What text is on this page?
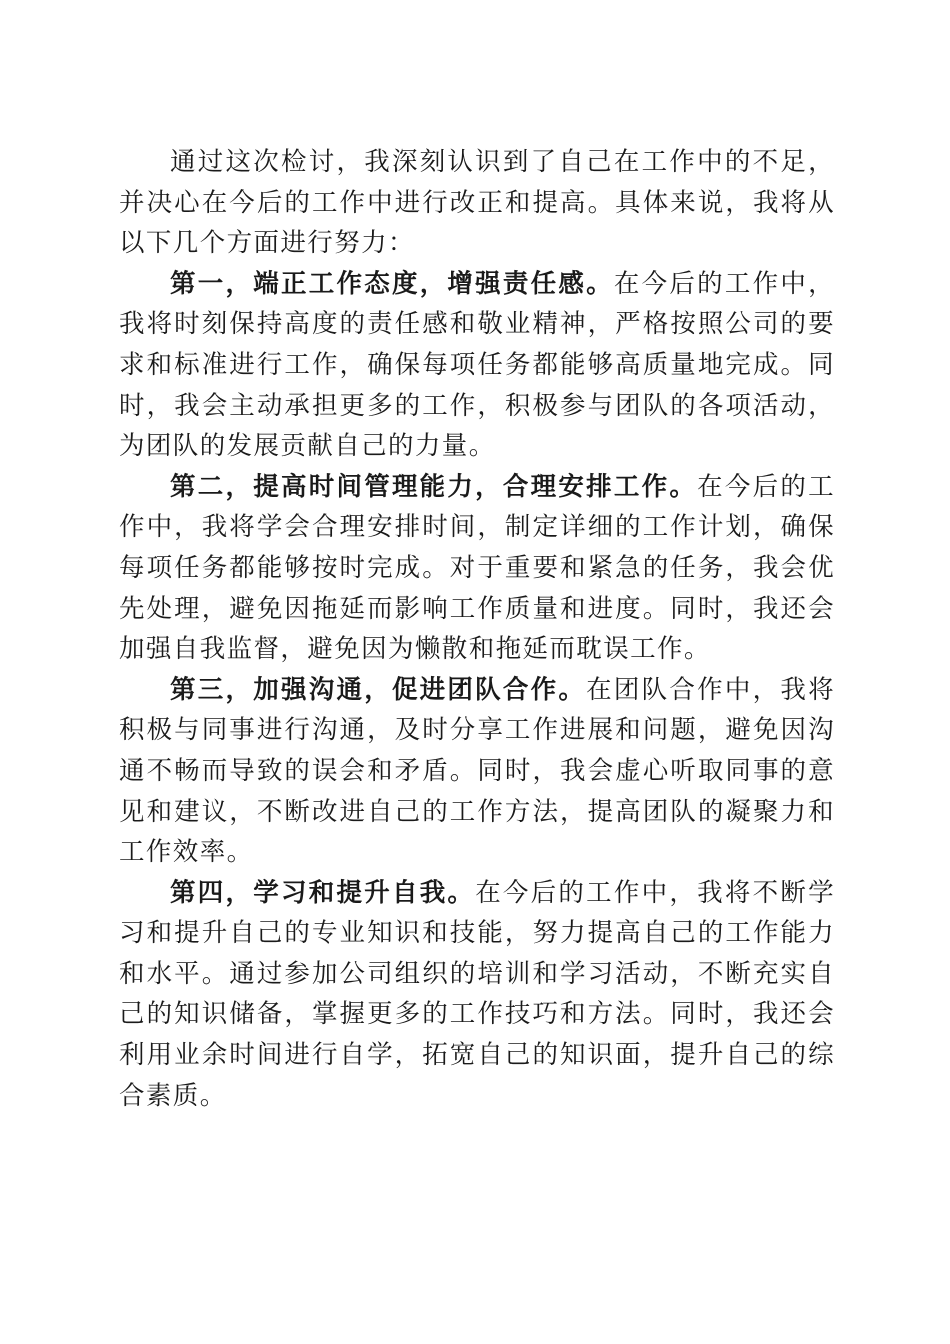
通过这次检讨，我深刻认识到了自己在工作中的不足，并决心在今后的工作中进行改正和提高。具体来说，我将从以下几个方面进行努力：

第一，端正工作态度，增强责任感。在今后的工作中，我将时刻保持高度的责任感和敬业精神，严格按照公司的要求和标准进行工作，确保每项任务都能够高质量地完成。同时，我会主动承担更多的工作，积极参与团队的各项活动，为团队的发展贡献自己的力量。

第二，提高时间管理能力，合理安排工作。在今后的工作中，我将学会合理安排时间，制定详细的工作计划，确保每项任务都能够按时完成。对于重要和紧急的任务，我会优先处理，避免因拖延而影响工作质量和进度。同时，我还会加强自我监督，避免因为懒散和拖延而耽误工作。

第三，加强沟通，促进团队合作。在团队合作中，我将积极与同事进行沟通，及时分享工作进展和问题，避免因沟通不畅而导致的误会和矛盾。同时，我会虚心听取同事的意见和建议，不断改进自己的工作方法，提高团队的凝聚力和工作效率。

第四，学习和提升自我。在今后的工作中，我将不断学习和提升自己的专业知识和技能，努力提高自己的工作能力和水平。通过参加公司组织的培训和学习活动，不断充实自己的知识储备，掌握更多的工作技巧和方法。同时，我还会利用业余时间进行自学，拓宽自己的知识面，提升自己的综合素质。
